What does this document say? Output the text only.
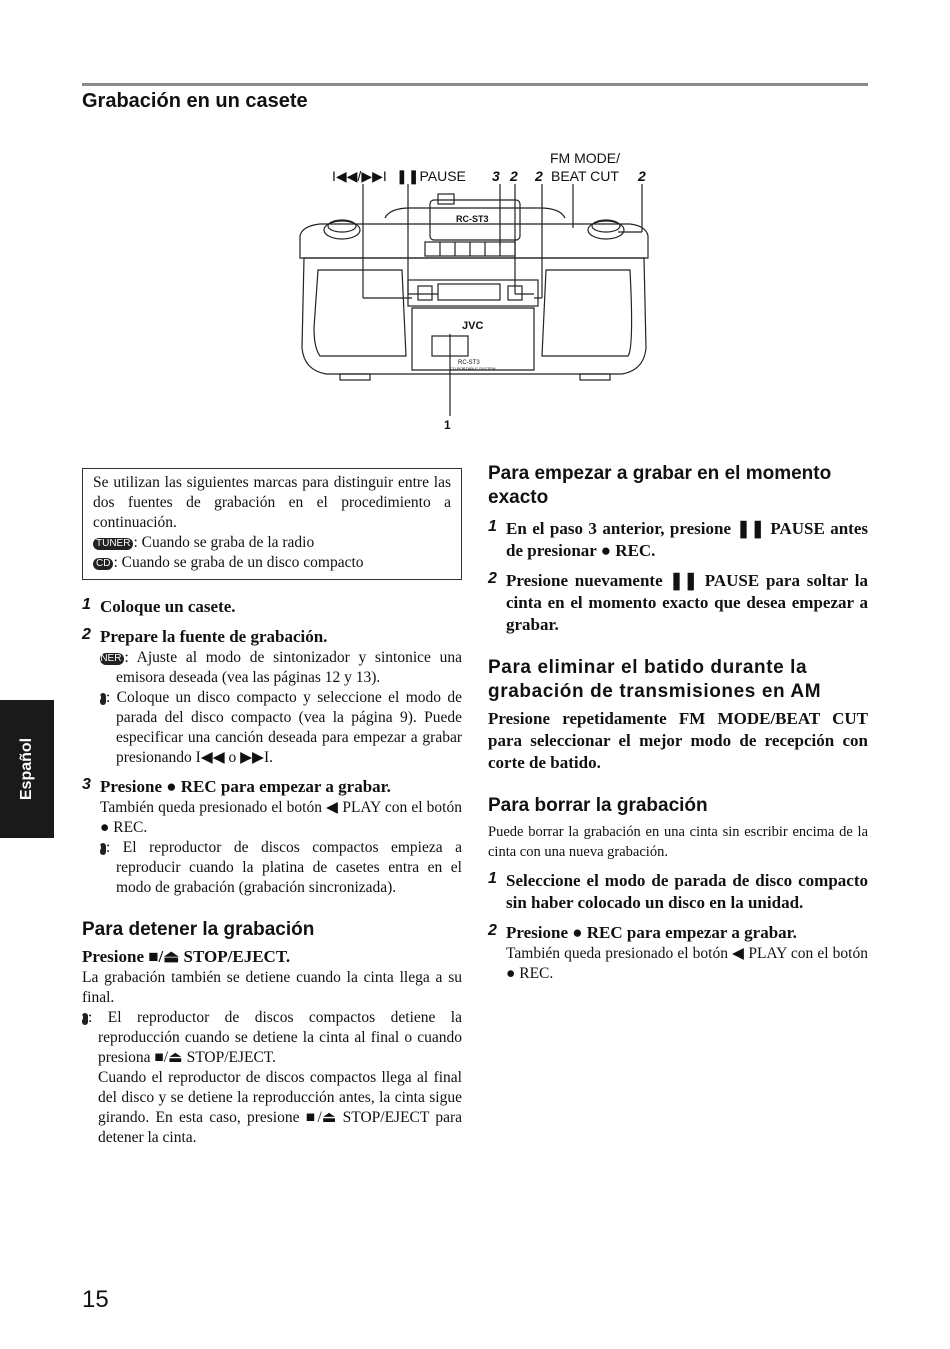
Grabación en un casete
JVC
RC-ST3
RC-ST3
CD PORTABLE SYSTEM
I◀◀/▶▶I ❚❚PAUSE 3 2 2
FM MODE/
BEAT CUT 2
1
Se utilizan las siguientes marcas para distinguir entre las dos fuentes de grabación en el procedimiento a continuación.
TUNER : Cuando se graba de la radio
CD : Cuando se graba de un disco compacto
1 Coloque un casete.
2 Prepare la fuente de grabación.
TUNER : Ajuste al modo de sintonizador y sintonice una emisora deseada (vea las páginas 12 y 13).
CD : Coloque un disco compacto y seleccione el modo de parada del disco compacto (vea la página 9). Puede especificar una canción deseada para empezar a grabar presionando I◀◀ o ▶▶I.
3 Presione ● REC para empezar a grabar.
También queda presionado el botón ◀ PLAY con el botón ● REC.
CD : El reproductor de discos compactos empieza a reproducir cuando la platina de casetes entra en el modo de grabación (grabación sincronizada).
Para detener la grabación
Presione ■/⏏ STOP/EJECT.
La grabación también se detiene cuando la cinta llega a su final.
CD : El reproductor de discos compactos detiene la reproducción cuando se detiene la cinta al final o cuando presiona ■/⏏ STOP/EJECT.
Cuando el reproductor de discos compactos llega al final del disco y se detiene la reproducción antes, la cinta sigue girando. En esta caso, presione ■/⏏ STOP/EJECT para detener la cinta.
Para empezar a grabar en el momento exacto
1 En el paso 3 anterior, presione ❚❚ PAUSE antes de presionar ● REC.
2 Presione nuevamente ❚❚ PAUSE para soltar la cinta en el momento exacto que desea empezar a grabar.
Para eliminar el batido durante la grabación de transmisiones en AM
Presione repetidamente FM MODE/BEAT CUT para seleccionar el mejor modo de recepción con corte de batido.
Para borrar la grabación
Puede borrar la grabación en una cinta sin escribir encima de la cinta con una nueva grabación.
1 Seleccione el modo de parada de disco compacto sin haber colocado un disco en la unidad.
2 Presione ● REC para empezar a grabar.
También queda presionado el botón ◀ PLAY con el botón ● REC.
Español
15
